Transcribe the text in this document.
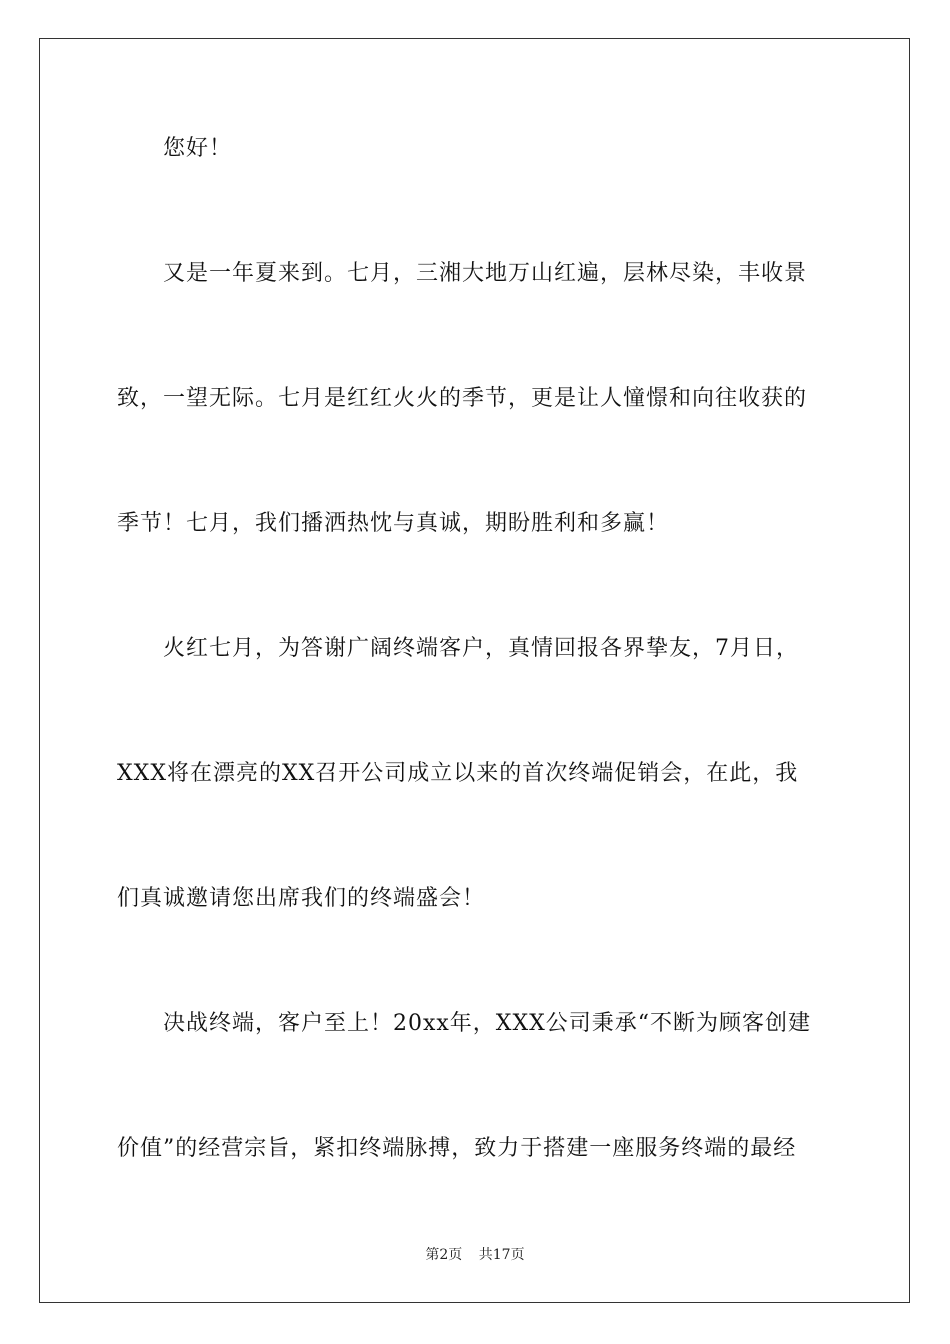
您好！
又是一年夏来到。七月，三湘大地万山红遍，层林尽染，丰收景
致，一望无际。七月是红红火火的季节，更是让人憧憬和向往收获的
季节！七月，我们播洒热忱与真诚，期盼胜利和多赢！
火红七月，为答谢广阔终端客户，真情回报各界挚友，7月日，
XXX将在漂亮的XX召开公司成立以来的首次终端促销会，在此，我
们真诚邀请您出席我们的终端盛会！
决战终端，客户至上！20xx年，XXX公司秉承“不断为顾客创建
价值”的经营宗旨，紧扣终端脉搏，致力于搭建一座服务终端的最经
第2页 共17页
